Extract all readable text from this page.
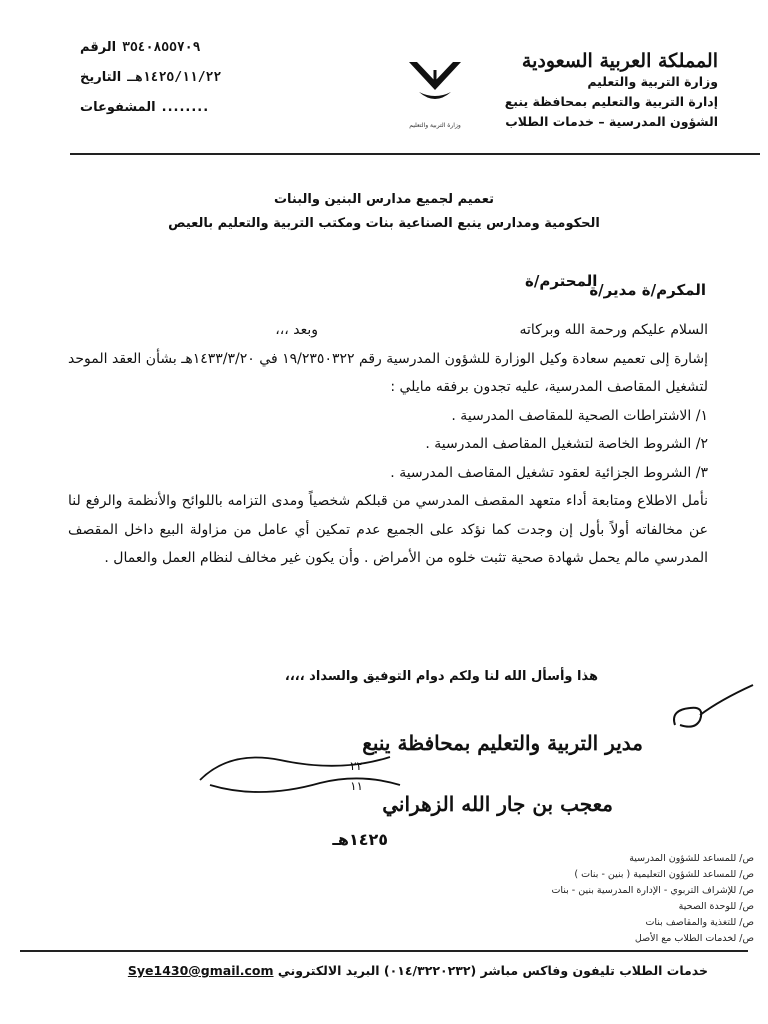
المملكة العربية السعودية
وزارة التربية والتعليم
إدارة التربية والتعليم بمحافظة ينبع
الشؤون المدرسية – خدمات الطلاب
وزارة التربية والتعليم
٣٥٤٠٨٥٥٧٠٩
الرقم
١٤٢٥/١١/٢٢هـ
التاريخ
........
المشفوعات
تعميم لجميع مدارس البنين والبنات
الحكومية ومدارس ينبع الصناعية بنات ومكتب التربية والتعليم بالعيص
المكرم/ة مدير/ة
المحترم/ة

السلام عليكم ورحمة الله وبركاته
وبعد ،،،

إشارة إلى تعميم سعادة وكيل الوزارة للشؤون المدرسية رقم ١٩/٢٣٥٠٣٢٢ في ١٤٣٣/٣/٢٠هـ بشأن العقد الموحد لتشغيل المقاصف المدرسية، عليه تجدون برفقه مايلي :

١/ الاشتراطات الصحية للمقاصف المدرسية .

٢/ الشروط الخاصة لتشغيل المقاصف المدرسية .

٣/ الشروط الجزائية لعقود تشغيل المقاصف المدرسية .

نأمل الاطلاع ومتابعة أداء متعهد المقصف المدرسي من قبلكم شخصياً ومدى التزامه باللوائح والأنظمة والرفع لنا عن مخالفاته أولاً بأول إن وجدت كما نؤكد على الجميع عدم تمكين أي عامل من مزاولة البيع داخل المقصف المدرسي مالم يحمل شهادة صحية تثبت خلوه من الأمراض . وأن يكون غير مخالف لنظام العمل والعمال .

هذا وأسأل الله لنا ولكم دوام التوفيق والسداد ،،،،
مدير التربية والتعليم بمحافظة ينبع
٢٢
١١
معجب بن جار الله الزهراني
١٤٢٥هـ
ص/ للمساعد للشؤون المدرسية
ص/ للمساعد للشؤون التعليمية ( بنين - بنات )
ص/ للإشراف التربوي - الإدارة المدرسية بنين - بنات
ص/ للوحدة الصحية
ص/ للتغذية والمقاصف بنات
ص/ لخدمات الطلاب مع الأصل
خدمات الطلاب تليفون وفاكس مباشر (٠١٤/٣٢٢٠٢٣٢) البريد الالكتروني Sye1430@gmail.com
